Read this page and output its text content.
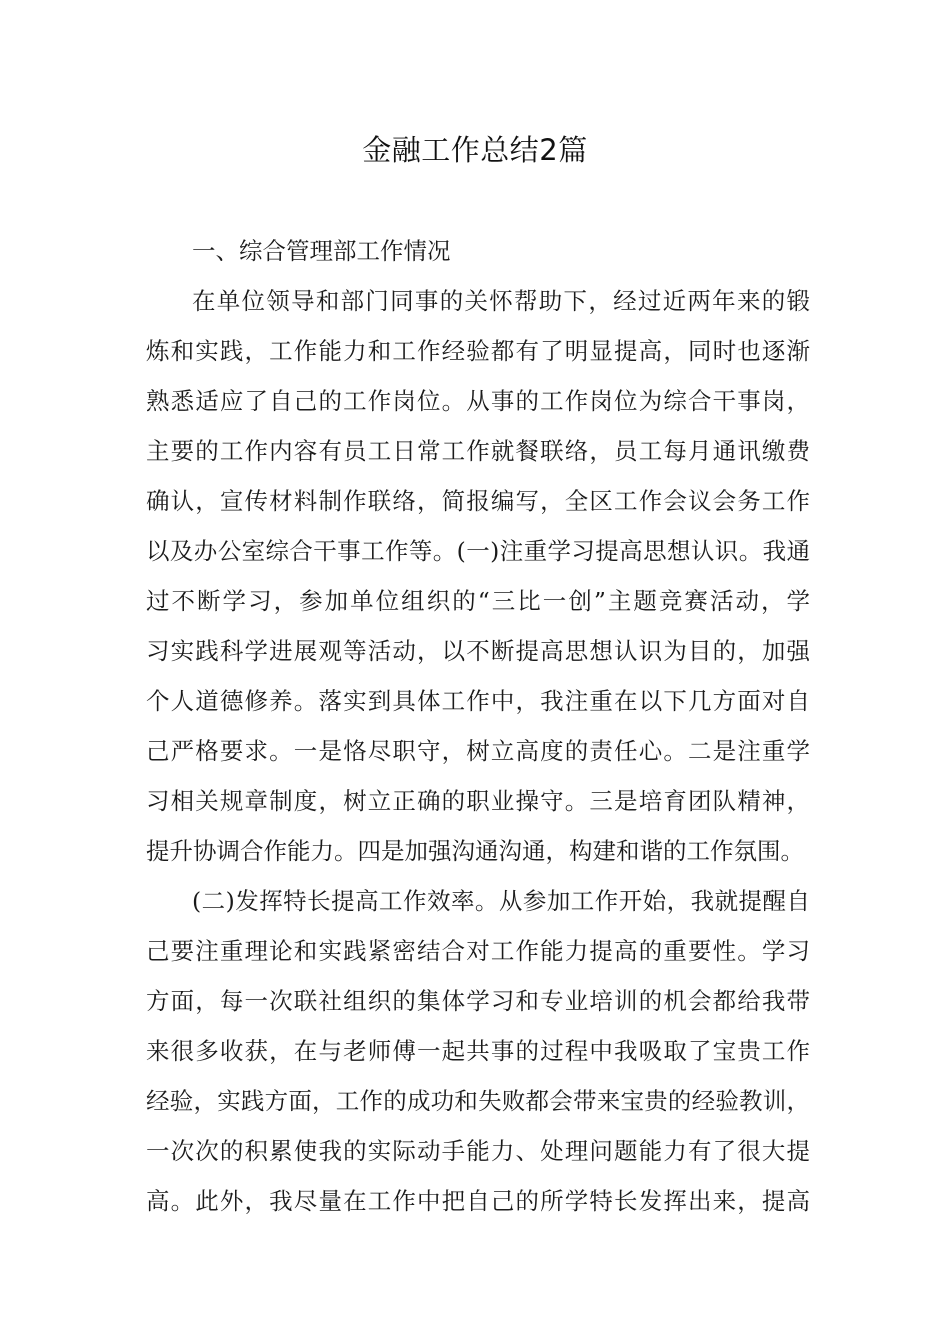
金融工作总结2篇
一、综合管理部工作情况
在单位领导和部门同事的关怀帮助下，经过近两年来的锻
炼和实践，工作能力和工作经验都有了明显提高，同时也逐渐
熟悉适应了自己的工作岗位。从事的工作岗位为综合干事岗，
主要的工作内容有员工日常工作就餐联络，员工每月通讯缴费
确认，宣传材料制作联络，简报编写，全区工作会议会务工作
以及办公室综合干事工作等。(一)注重学习提高思想认识。我通
过不断学习，参加单位组织的“三比一创”主题竞赛活动，学
习实践科学进展观等活动，以不断提高思想认识为目的，加强
个人道德修养。落实到具体工作中，我注重在以下几方面对自
己严格要求。一是恪尽职守，树立高度的责任心。二是注重学
习相关规章制度，树立正确的职业操守。三是培育团队精神，
提升协调合作能力。四是加强沟通沟通，构建和谐的工作氛围。
(二)发挥特长提高工作效率。从参加工作开始，我就提醒自
己要注重理论和实践紧密结合对工作能力提高的重要性。学习
方面，每一次联社组织的集体学习和专业培训的机会都给我带
来很多收获，在与老师傅一起共事的过程中我吸取了宝贵工作
经验，实践方面，工作的成功和失败都会带来宝贵的经验教训，
一次次的积累使我的实际动手能力、处理问题能力有了很大提
高。此外，我尽量在工作中把自己的所学特长发挥出来，提高
